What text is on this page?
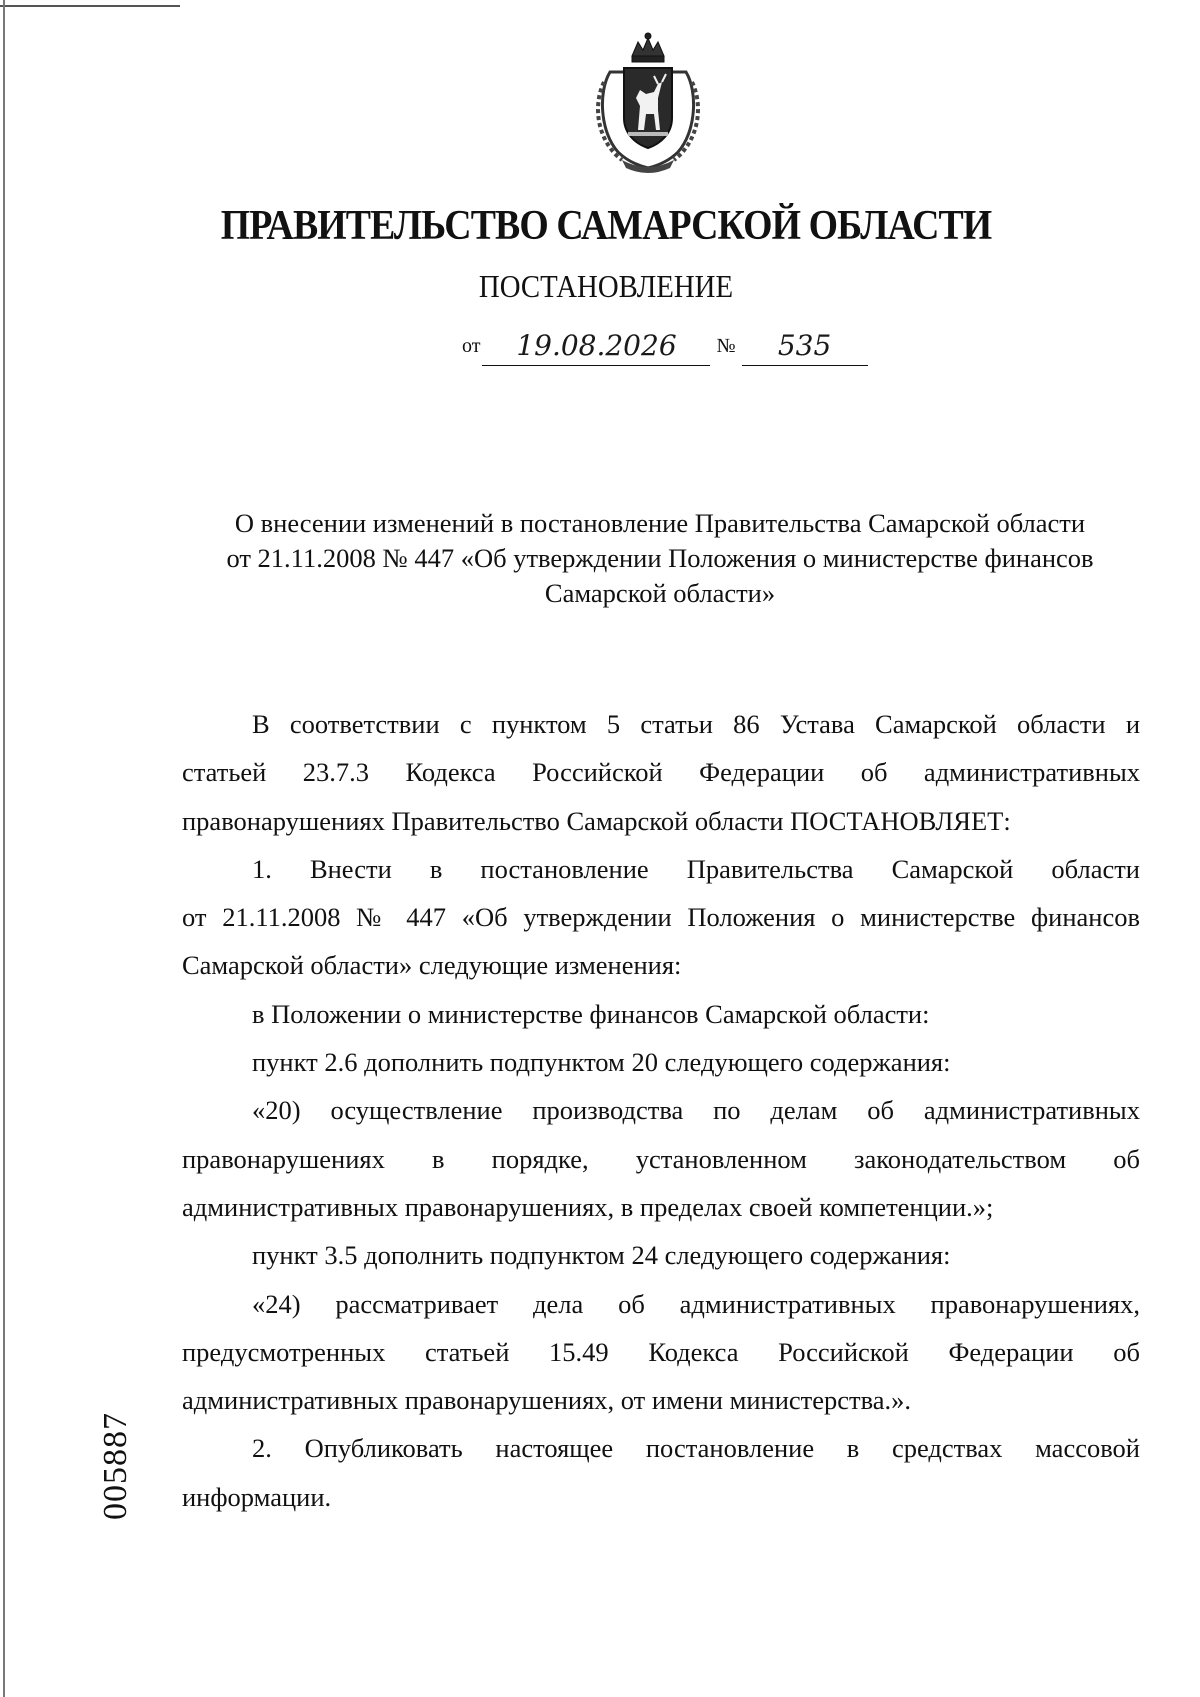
ПРАВИТЕЛЬСТВО САМАРСКОЙ ОБЛАСТИ
ПОСТАНОВЛЕНИЕ
от 19.08.2026 № 535
О внесении изменений в постановление Правительства Самарской области
от 21.11.2008 № 447 «Об утверждении Положения о министерстве финансов
Самарской области»

В соответствии с пунктом 5 статьи 86 Устава Самарской области и
статьей 23.7.3 Кодекса Российской Федерации об административных
правонарушениях Правительство Самарской области ПОСТАНОВЛЯЕТ:

1. Внести в постановление Правительства Самарской области
от 21.11.2008 № 447 «Об утверждении Положения о министерстве финансов
Самарской области» следующие изменения:

в Положении о министерстве финансов Самарской области:

пункт 2.6 дополнить подпунктом 20 следующего содержания:

«20) осуществление производства по делам об административных
правонарушениях в порядке, установленном законодательством об
административных правонарушениях, в пределах своей компетенции.»;

пункт 3.5 дополнить подпунктом 24 следующего содержания:

«24) рассматривает дела об административных правонарушениях,
предусмотренных статьей 15.49 Кодекса Российской Федерации об
административных правонарушениях, от имени министерства.».

2. Опубликовать настоящее постановление в средствах массовой
информации.

005887
